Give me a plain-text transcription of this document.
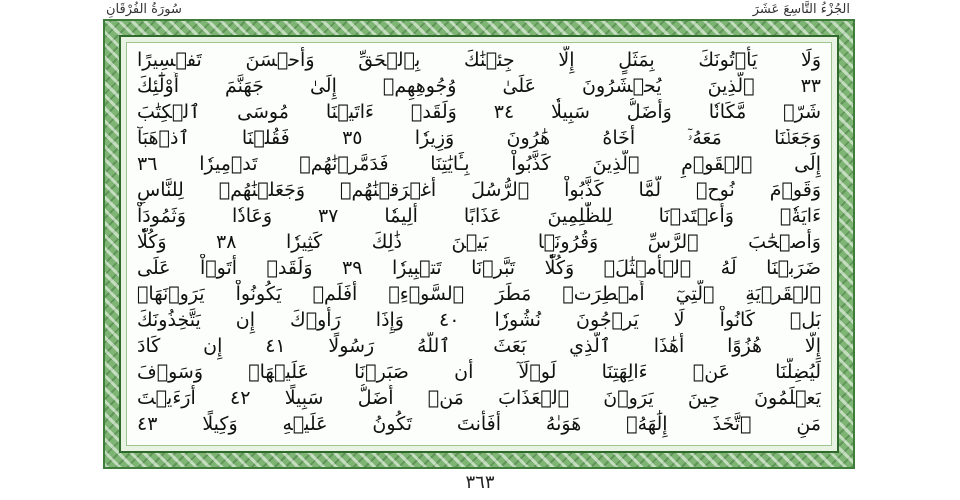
سُورَةُ الفُرْقَانِ	الجُزْءُ التَّاسِعَ عَشَرَ
وَلَا يَأۡتُونَكَ بِمَثَلٍ إِلَّا جِئۡنَٰكَ بِٱلۡحَقِّ وَأَحۡسَنَ تَفۡسِيرًا
٣٣ ٱلَّذِينَ يُحۡشَرُونَ عَلَىٰ وُجُوهِهِمۡ إِلَىٰ جَهَنَّمَ أُوْلَٰٓئِكَ
شَرّٞ مَّكَانٗا وَأَضَلُّ سَبِيلٗا ٣٤ وَلَقَدۡ ءَاتَيۡنَا مُوسَى ٱلۡكِتَٰبَ
وَجَعَلۡنَا مَعَهُۥٓ أَخَاهُ هَٰرُونَ وَزِيرٗا ٣٥ فَقُلۡنَا ٱذۡهَبَآ
إِلَى ٱلۡقَوۡمِ ٱلَّذِينَ كَذَّبُواْ بِـَٔايَٰتِنَا فَدَمَّرۡنَٰهُمۡ تَدۡمِيرٗا ٣٦
وَقَوۡمَ نُوحٖ لَّمَّا كَذَّبُواْ ٱلرُّسُلَ أَغۡرَقۡنَٰهُمۡ وَجَعَلۡنَٰهُمۡ لِلنَّاسِ
ءَايَةٗۖ وَأَعۡتَدۡنَا لِلظَّٰلِمِينَ عَذَابًا أَلِيمٗا ٣٧ وَعَادٗا وَثَمُودَاْ
وَأَصۡحَٰبَ ٱلرَّسِّ وَقُرُونَۢا بَيۡنَ ذَٰلِكَ كَثِيرٗا ٣٨ وَكُلّٗا
ضَرَبۡنَا لَهُ ٱلۡأَمۡثَٰلَۖ وَكُلّٗا تَبَّرۡنَا تَتۡبِيرٗا ٣٩ وَلَقَدۡ أَتَوۡاْ عَلَى
ٱلۡقَرۡيَةِ ٱلَّتِيٓ أُمۡطِرَتۡ مَطَرَ ٱلسَّوۡءِۚ أَفَلَمۡ يَكُونُواْ يَرَوۡنَهَاۚ
بَلۡ كَانُواْ لَا يَرۡجُونَ نُشُورٗا ٤٠ وَإِذَا رَأَوۡكَ إِن يَتَّخِذُونَكَ
إِلَّا هُزُوًا أَهَٰذَا ٱلَّذِي بَعَثَ ٱللَّهُ رَسُولًا ٤١ إِن كَادَ
لَيُضِلُّنَا عَنۡ ءَالِهَتِنَا لَوۡلَآ أَن صَبَرۡنَا عَلَيۡهَاۚ وَسَوۡفَ
يَعۡلَمُونَ حِينَ يَرَوۡنَ ٱلۡعَذَابَ مَنۡ أَضَلُّ سَبِيلًا ٤٢ أَرَءَيۡتَ
مَنِ ٱتَّخَذَ إِلَٰهَهُۥ هَوَىٰهُ أَفَأَنتَ تَكُونُ عَلَيۡهِ وَكِيلًا ٤٣
٣٦٣
